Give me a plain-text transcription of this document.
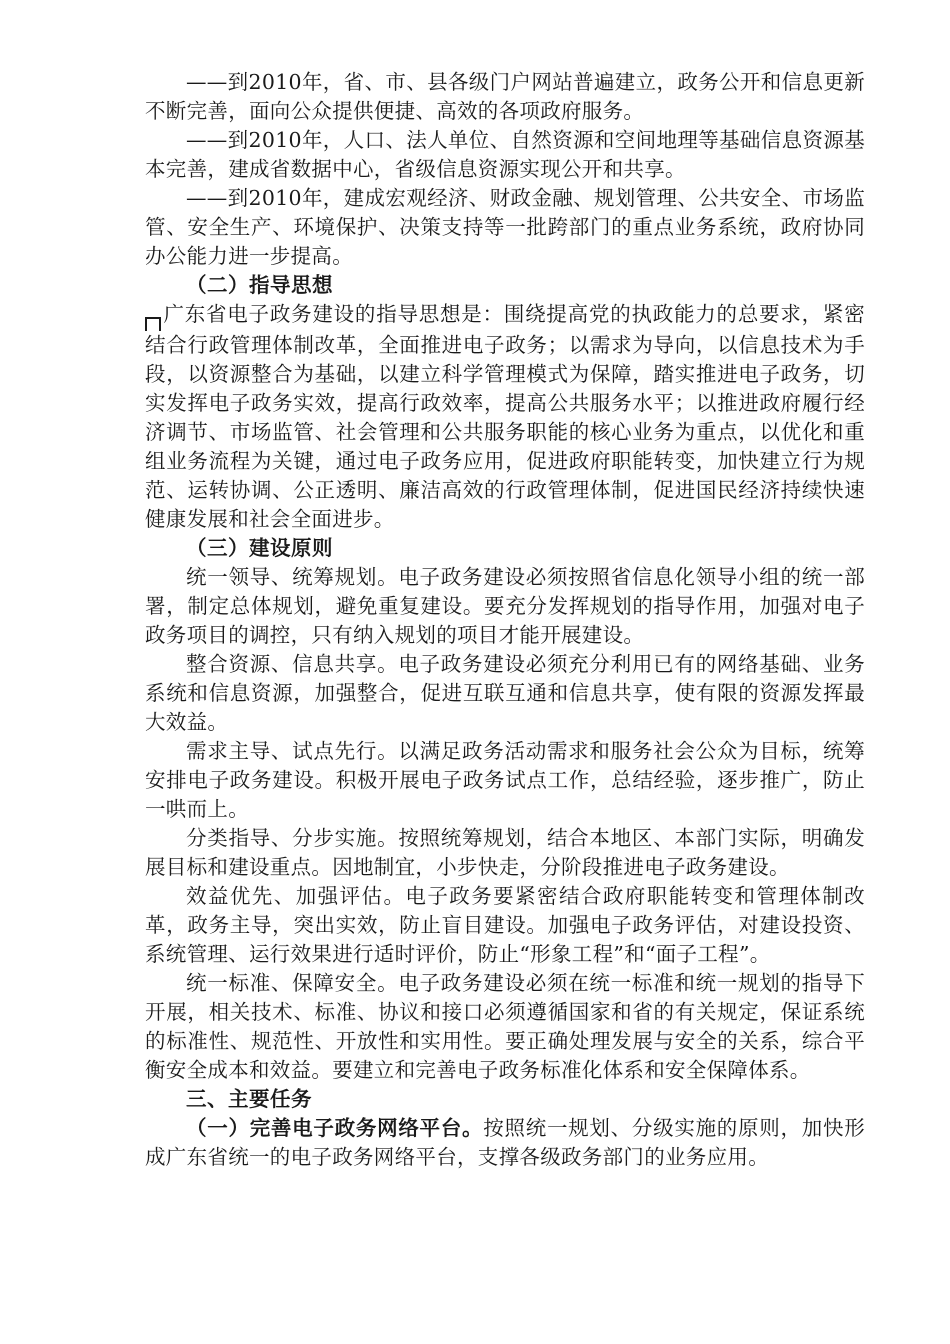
——到2010年，省、市、县各级门户网站普遍建立，政务公开和信息更新不断完善，面向公众提供便捷、高效的各项政府服务。

——到2010年，人口、法人单位、自然资源和空间地理等基础信息资源基本完善，建成省数据中心，省级信息资源实现公开和共享。

——到2010年，建成宏观经济、财政金融、规划管理、公共安全、市场监管、安全生产、环境保护、决策支持等一批跨部门的重点业务系统，政府协同办公能力进一步提高。

（二）指导思想

广东省电子政务建设的指导思想是：围绕提高党的执政能力的总要求，紧密结合行政管理体制改革，全面推进电子政务；以需求为导向，以信息技术为手段，以资源整合为基础，以建立科学管理模式为保障，踏实推进电子政务，切实发挥电子政务实效，提高行政效率，提高公共服务水平；以推进政府履行经济调节、市场监管、社会管理和公共服务职能的核心业务为重点，以优化和重组业务流程为关键，通过电子政务应用，促进政府职能转变，加快建立行为规范、运转协调、公正透明、廉洁高效的行政管理体制，促进国民经济持续快速健康发展和社会全面进步。

（三）建设原则

统一领导、统筹规划。电子政务建设必须按照省信息化领导小组的统一部署，制定总体规划，避免重复建设。要充分发挥规划的指导作用，加强对电子政务项目的调控，只有纳入规划的项目才能开展建设。

整合资源、信息共享。电子政务建设必须充分利用已有的网络基础、业务系统和信息资源，加强整合，促进互联互通和信息共享，使有限的资源发挥最大效益。

需求主导、试点先行。以满足政务活动需求和服务社会公众为目标，统筹安排电子政务建设。积极开展电子政务试点工作，总结经验，逐步推广，防止一哄而上。

分类指导、分步实施。按照统筹规划，结合本地区、本部门实际，明确发展目标和建设重点。因地制宜，小步快走，分阶段推进电子政务建设。

效益优先、加强评估。电子政务要紧密结合政府职能转变和管理体制改革，政务主导，突出实效，防止盲目建设。加强电子政务评估，对建设投资、系统管理、运行效果进行适时评价，防止“形象工程”和“面子工程”。

统一标准、保障安全。电子政务建设必须在统一标准和统一规划的指导下开展，相关技术、标准、协议和接口必须遵循国家和省的有关规定，保证系统的标准性、规范性、开放性和实用性。要正确处理发展与安全的关系，综合平衡安全成本和效益。要建立和完善电子政务标准化体系和安全保障体系。

三、主要任务

（一）完善电子政务网络平台。按照统一规划、分级实施的原则，加快形成广东省统一的电子政务网络平台，支撑各级政务部门的业务应用。
